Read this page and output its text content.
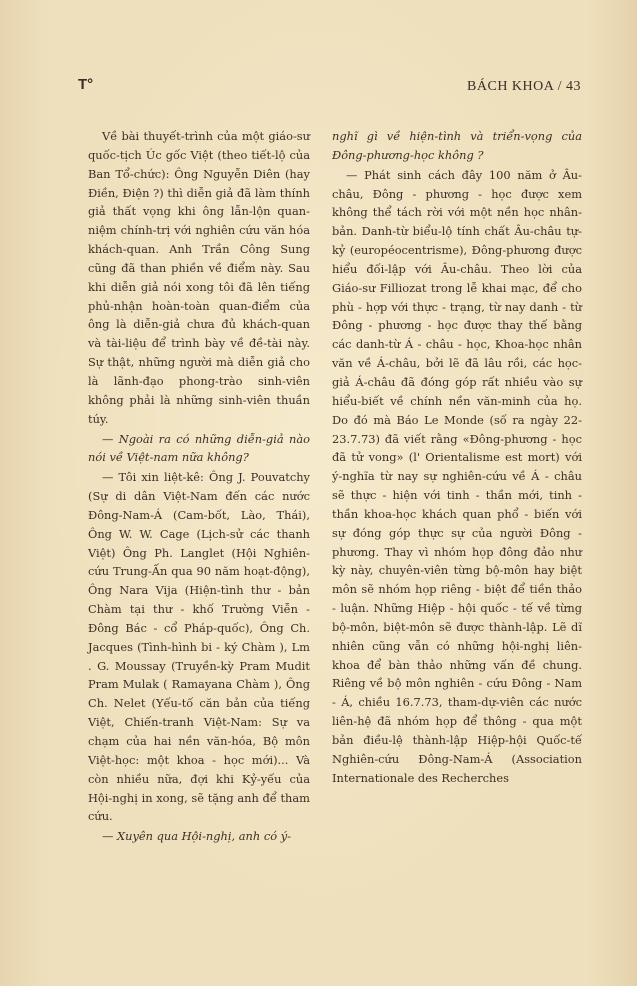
T°	BÁCH KHOA / 43

Về bài thuyết-trình của một giáo-sư quốc-tịch Úc gốc Việt (theo tiết-lộ của Ban Tổ-chức): Ông Nguyễn Diên (hay Điền, Điện ?) thì diễn giả đã làm thính giả thất vọng khi ông lẫn-lộn quan-niệm chính-trị với nghiên cứu văn hóa khách-quan. Anh Trần Công Sung cũng đã than phiền về điểm này. Sau khi diễn giả nói xong tôi đã lên tiếng phủ-nhận hoàn-toàn quan-điểm của ông là diễn-giả chưa đủ khách-quan và tài-liệu để trình bày về đề-tài này. Sự thật, những người mà diễn giả cho là lãnh-đạo phong-trào sinh-viên không phải là những sinh-viên thuần túy.

— Ngoài ra có những diễn-giả nào nói về Việt-nam nữa không?

— Tôi xin liệt-kê: Ông J. Pouvatchy (Sự di dân Việt-Nam đến các nước Đông-Nam-Á (Cam-bốt, Lào, Thái), Ông W. W. Cage (Lịch-sử các thanh Việt) Ông Ph. Langlet (Hội Nghiên-cứu Trung-Ấn qua 90 năm hoạt-động), Ông Nara Vija (Hiện-tình thư - bản Chàm tại thư - khố Trường Viễn - Đông Bác - cổ Pháp-quốc), Ông Ch. Jacques (Tình-hình bi - ký Chàm ), Lm . G. Moussay (Truyền-kỳ Pram Mudit Pram Mulak ( Ramayana Chàm ), Ông Ch. Nelet (Yếu-tố căn bản của tiếng Việt, Chiến-tranh Việt-Nam: Sự va chạm của hai nền văn-hóa, Bộ môn Việt-học: một khoa - học mới)... Và còn nhiều nữa, đợi khi Kỷ-yếu của Hội-nghị in xong, sẽ tặng anh để tham cứu.

— Xuyên qua Hội-nghị, anh có ý-

nghĩ gì về hiện-tình và triển-vọng của Đông-phương-học không ?

— Phát sinh cách đây 100 năm ở Âu-châu, Đông - phương - học được xem không thể tách rời với một nền học nhân-bản. Danh-từ biểu-lộ tính chất Âu-châu tự-kỷ (européocentrisme), Đông-phương được hiểu đối-lập với Âu-châu. Theo lời của Giáo-sư Filliozat trong lễ khai mạc, để cho phù - hợp với thực - trạng, từ nay danh - từ Đông - phương - học được thay thế bằng các danh-từ Á - châu - học, Khoa-học nhân văn về Á-châu, bởi lẽ đã lâu rồi, các học-giả Á-châu đã đóng góp rất nhiều vào sự hiểu-biết về chính nền văn-minh của họ. Do đó mà Báo Le Monde (số ra ngày 22-23.7.73) đã viết rằng «Đông-phương - học đã tử vong» (l' Orientalisme est mort) với ý-nghĩa từ nay sự nghiên-cứu về Á - châu sẽ thực - hiện với tinh - thần mới, tinh - thần khoa-học khách quan phổ - biến với sự đóng góp thực sự của người Đông - phương. Thay vì nhóm họp đông đảo như kỳ này, chuyên-viên từng bộ-môn hay biệt môn sẽ nhóm họp riêng - biệt để tiền thảo - luận. Những Hiệp - hội quốc - tế về từng bộ-môn, biệt-môn sẽ được thành-lập. Lẽ dĩ nhiên cũng vẫn có những hội-nghị liên-khoa để bàn thảo những vấn đề chung. Riêng về bộ môn nghiên - cứu Đông - Nam - Á, chiều 16.7.73, tham-dự-viên các nước liên-hệ đã nhóm họp để thông - qua một bản điều-lệ thành-lập Hiệp-hội Quốc-tế Nghiên-cứu Đông-Nam-Á (Association Internationale des Recherches
